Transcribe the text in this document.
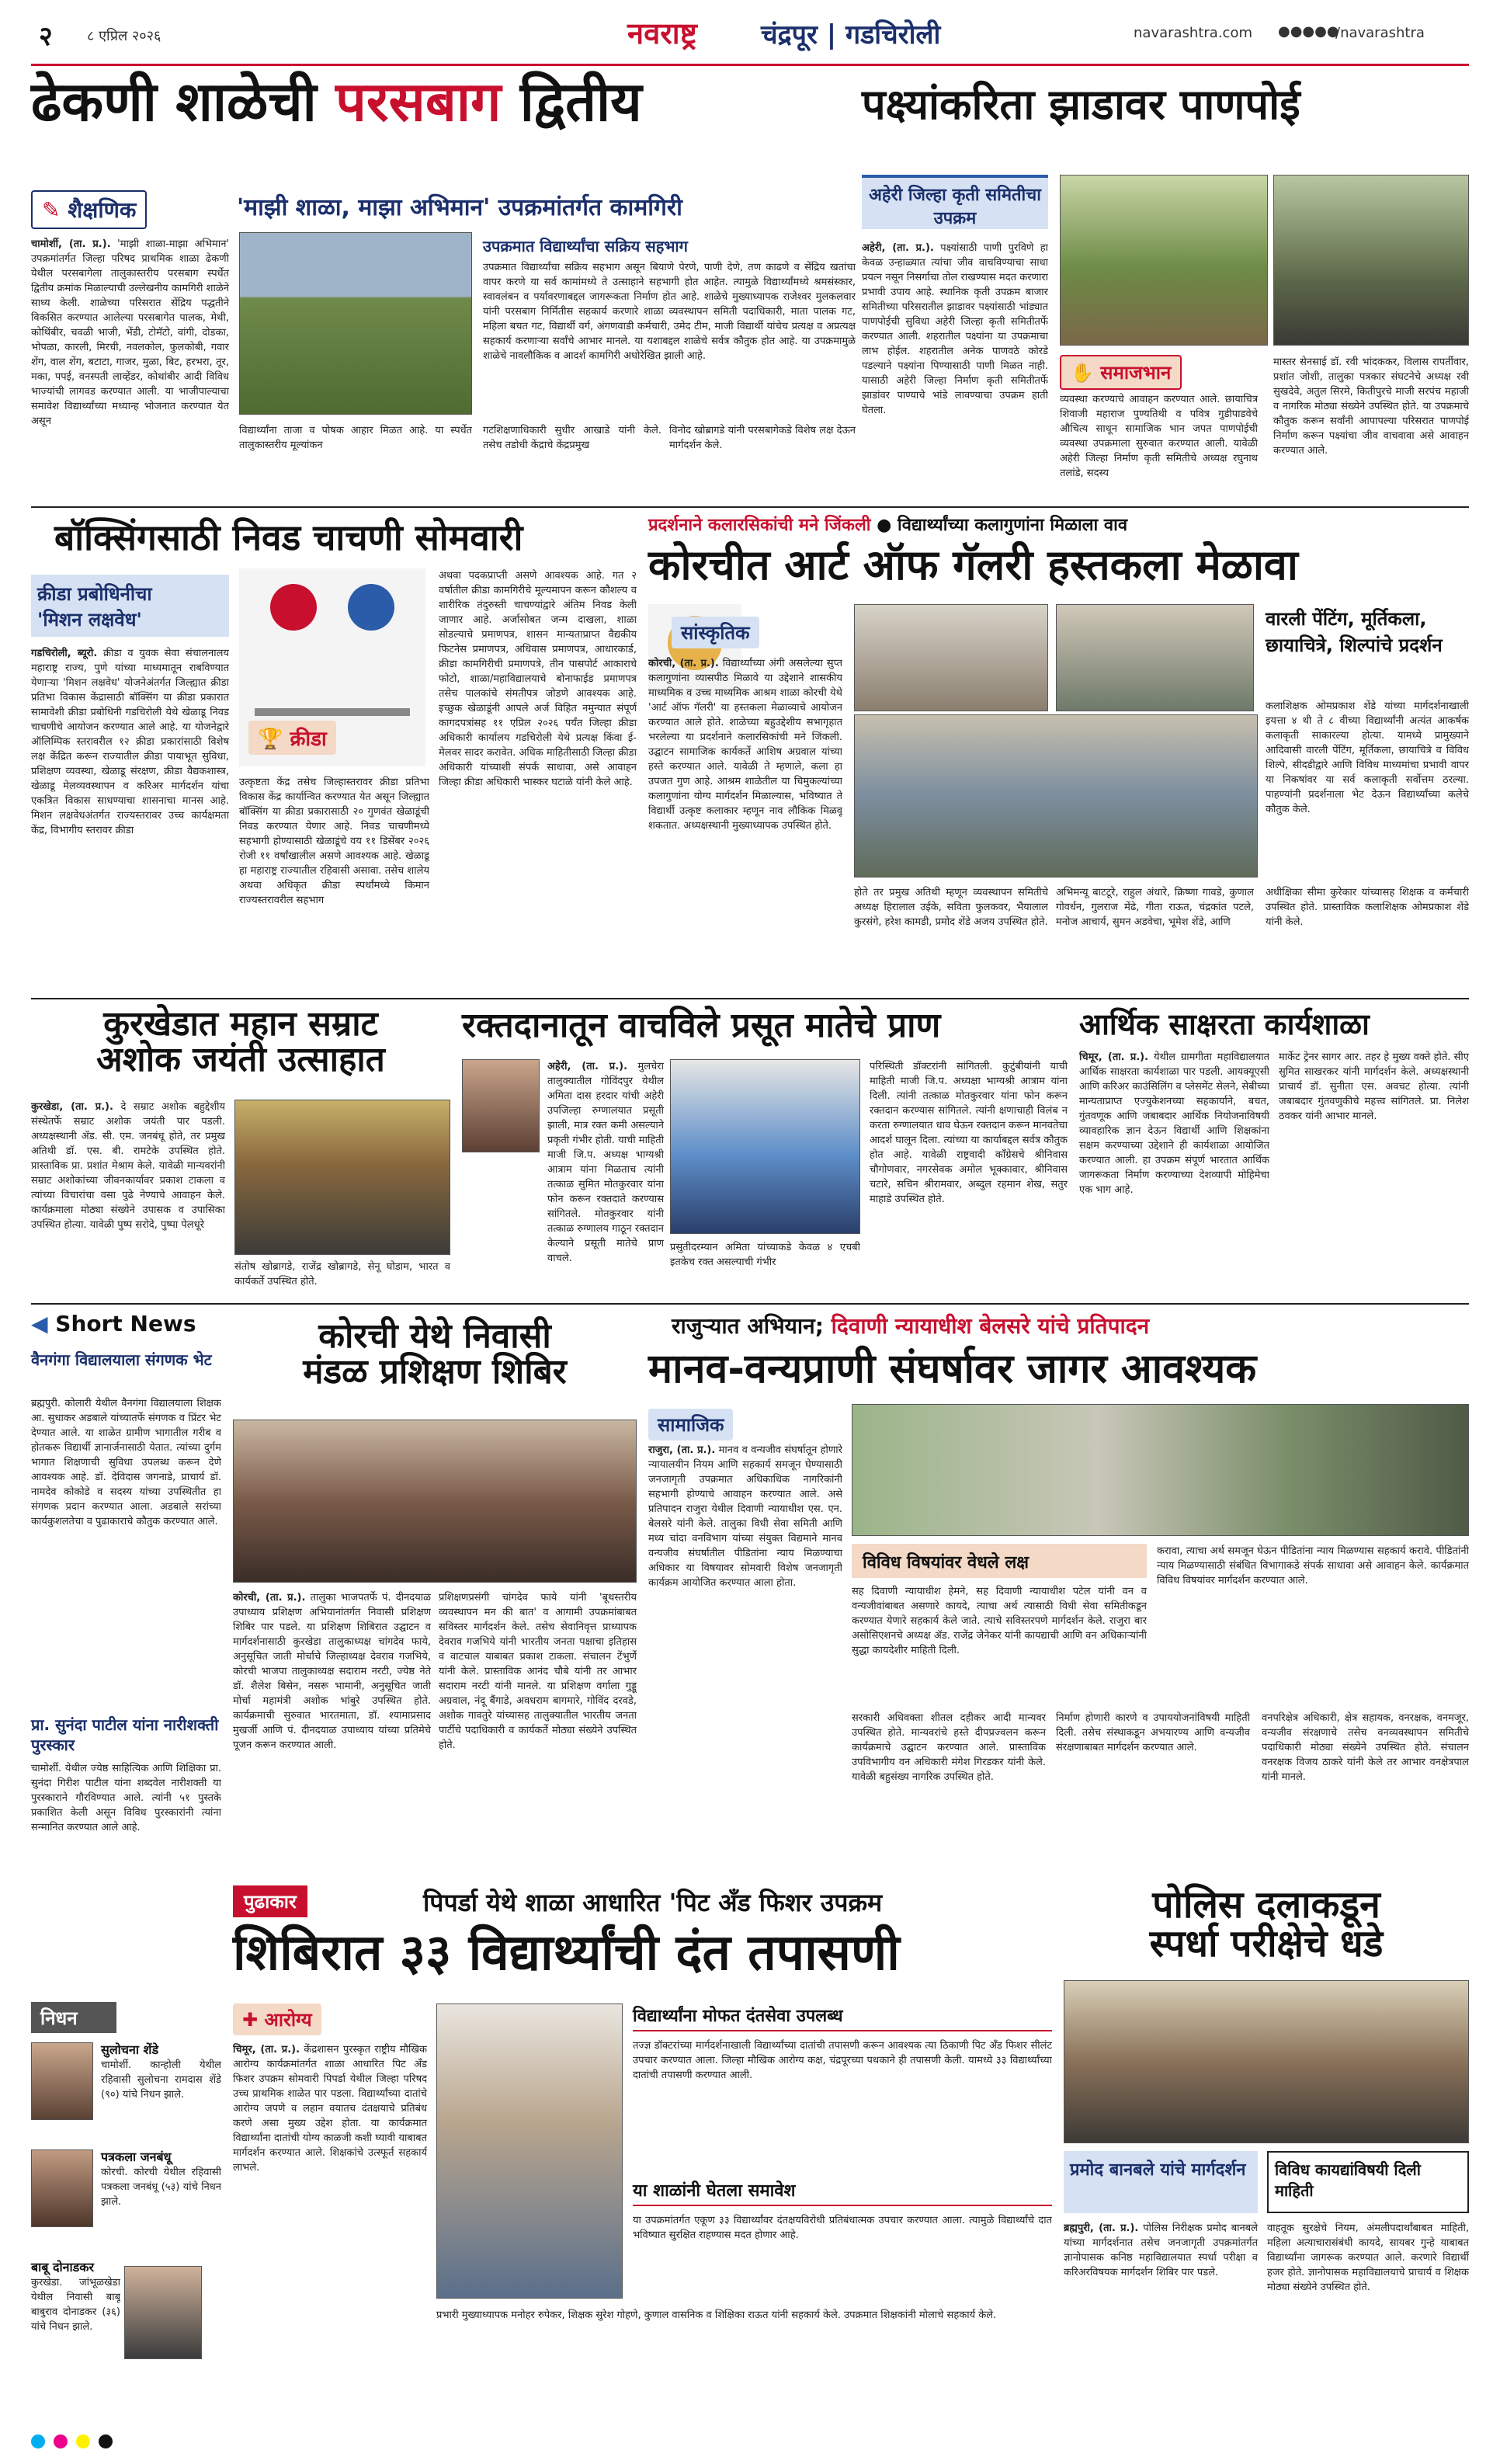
२ ८ एप्रिल २०२६	नवराष्ट्र चंद्रपूर | गडचिरोली	navarashtra.com ●●●●●
/navarashtra
ढेकणी शाळेची परसबाग द्वितीय
✎ शैक्षणिक	'माझी शाळा, माझा अभिमान' उपक्रमांतर्गत कामगिरी
चामोर्शी, (ता. प्र.). 'माझी शाळा-माझा अभिमान' उपक्रमांतर्गत जिल्हा परिषद प्राथमिक शाळा ढेकणी येथील परसबागेला तालुकास्तरीय परसबाग स्पर्धेत द्वितीय क्रमांक मिळाल्याची उल्लेखनीय कामगिरी शाळेने साध्य केली. शाळेच्या परिसरात सेंद्रिय पद्धतीने विकसित करण्यात आलेल्या परसबागेत पालक, मेथी, कोथिंबीर, चवळी भाजी, भेंडी, टोमॅटो, वांगी, दोडका, भोपळा, कारली, मिरची, नवलकोल, फुलकोबी, गवार शेंग, वाल शेंग, बटाटा, गाजर, मुळा, बिट, हरभरा, तूर, मका, पपई, वनस्पती लाव्हेंडर, कोथांबीर आदी विविध भाज्यांची लागवड करण्यात आली. या भाजीपाल्याचा समावेश विद्यार्थ्यांच्या मध्यान्ह भोजनात करण्यात येत असून
विद्यार्थ्यांना ताजा व पोषक आहार मिळत आहे. या स्पर्धेत तालुकास्तरीय मूल्यांकन
उपक्रमात विद्यार्थ्यांचा सक्रिय सहभाग
उपक्रमात विद्यार्थ्यांचा सक्रिय सहभाग असून बियाणे पेरणे, पाणी देणे, तण काढणे व सेंद्रिय खतांचा वापर करणे या सर्व कामांमध्ये ते उत्साहाने सहभागी होत आहेत. त्यामुळे विद्यार्थ्यांमध्ये श्रमसंस्कार, स्वावलंबन व पर्यावरणाबद्दल जागरूकता निर्माण होत आहे. शाळेचे मुख्याध्यापक राजेश्वर मुलकलवार यांनी परसबाग निर्मितीस सहकार्य करणारे शाळा व्यवस्थापन समिती पदाधिकारी, माता पालक गट, महिला बचत गट, विद्यार्थी वर्ग, अंगणवाडी कर्मचारी, उमेद टीम, माजी विद्यार्थी यांचेच प्रत्यक्ष व अप्रत्यक्ष सहकार्य करणाऱ्या सर्वांचे आभार मानले. या यशाबद्दल शाळेचे सर्वत्र कौतुक होत आहे. या उपक्रमामुळे शाळेचे नावलौकिक व आदर्श कामगिरी अधोरेखित झाली आहे.
गटशिक्षणाधिकारी सुधीर आखाडे यांनी केले. तसेच तडोधी केंद्राचे केंद्रप्रमुख
विनोद खोब्रागडे यांनी परसबागेकडे विशेष लक्ष देऊन मार्गदर्शन केले.
पक्ष्यांकरिता झाडावर पाणपोई
अहेरी जिल्हा कृती समितीचा उपक्रम
अहेरी, (ता. प्र.). पक्ष्यांसाठी पाणी पुरविणे हा केवळ उन्हाळ्यात त्यांचा जीव वाचविण्याचा साधा प्रयत्न नसून निसर्गाचा तोल राखण्यास मदत करणारा प्रभावी उपाय आहे. स्थानिक कृती उपक्रम बाजार समितीच्या परिसरातील झाडावर पक्ष्यांसाठी भांड्यात पाणपोईची सुविधा अहेरी जिल्हा कृती समितीतर्फे करण्यात आली. शहरातील पक्ष्यांना या उपक्रमाचा लाभ होईल. शहरातील अनेक पाणवठे कोरडे पडल्याने पक्ष्यांना पिण्यासाठी पाणी मिळत नाही. यासाठी अहेरी जिल्हा निर्माण कृती समितीतर्फे झाडांवर पाण्याचे भांडे लावण्याचा उपक्रम हाती घेतला.
✋ समाजभान
व्यवस्था करण्याचे आवाहन करण्यात आले. छायाचित्र शिवाजी महाराज पुण्यतिथी व पवित्र गुडीपाडवेचे औचित्य साधून सामाजिक भान जपत पाणपोईची व्यवस्था उपक्रमाला सुरुवात करण्यात आली. यावेळी अहेरी जिल्हा निर्माण कृती समितीचे अध्यक्ष रघुनाथ तलांडे, सदस्य
मास्तर सेनसाई डॉ. रवी भांदककर, विलास रापर्तीवार, प्रशांत जोशी, तालुका पत्रकार संघटनेचे अध्यक्ष रवी सुखदेवे, अतुल सिरमे, कितीपुरचे माजी सरपंच महाजी व नागरिक मोठ्या संख्येने उपस्थित होते. या उपक्रमाचे कौतुक करून सर्वांनी आपापल्या परिसरात पाणपोई निर्माण करून पक्ष्यांचा जीव वाचवावा असे आवाहन करण्यात आले.
बॉक्सिंगसाठी निवड चाचणी सोमवारी
क्रीडा प्रबोधिनीचा
'मिशन लक्षवेध'
गडचिरोली, ब्यूरो. क्रीडा व युवक सेवा संचालनालय महाराष्ट्र राज्य, पुणे यांच्या माध्यमातून राबविण्यात येणाऱ्या 'मिशन लक्षवेध' योजनेअंतर्गत जिल्ह्यात क्रीडा प्रतिभा विकास केंद्रासाठी बॉक्सिंग या क्रीडा प्रकारात सामावेशी क्रीडा प्रबोधिनी गडचिरोली येथे खेळाडू निवड चाचणीचे आयोजन करण्यात आले आहे. या योजनेद्वारे ऑलिम्पिक स्तरावरील १२ क्रीडा प्रकारांसाठी विशेष लक्ष केंद्रित करून राज्यातील क्रीडा पायाभूत सुविधा, प्रशिक्षण व्यवस्था, खेळाडू संरक्षण, क्रीडा वैद्यकशास्त्र, खेळाडू मेलव्यवस्थापन व करिअर मार्गदर्शन यांचा एकत्रित विकास साधण्याचा शासनाचा मानस आहे. मिशन लक्षवेधअंतर्गत राज्यस्तरावर उच्च कार्यक्षमता केंद्र, विभागीय स्तरावर क्रीडा
🏆 क्रीडा
उत्कृष्टता केंद्र तसेच जिल्हास्तरावर क्रीडा प्रतिभा विकास केंद्र कार्यान्वित करण्यात येत असून जिल्ह्यात बॉक्सिंग या क्रीडा प्रकारासाठी २० गुणवंत खेळाडूंची निवड करण्यात येणार आहे. निवड चाचणीमध्ये सहभागी होण्यासाठी खेळाडूंचे वय ११ डिसेंबर २०२६ रोजी ११ वर्षांखालील असणे आवश्यक आहे. खेळाडू हा महाराष्ट्र राज्यातील रहिवासी असावा. तसेच शालेय अथवा अधिकृत क्रीडा स्पर्धांमध्ये किमान राज्यस्तरावरील सहभाग
अथवा पदकप्राप्ती असणे आवश्यक आहे. गत २ वर्षातील क्रीडा कामगिरीचे मूल्यमापन करून कौशल्य व शारीरिक तंदुरुस्ती चाचण्यांद्वारे अंतिम निवड केली जाणार आहे. अर्जासोबत जन्म दाखला, शाळा सोडल्याचे प्रमाणपत्र, शासन मान्यताप्राप्त वैद्यकीय फिटनेस प्रमाणपत्र, अधिवास प्रमाणपत्र, आधारकार्ड, क्रीडा कामगिरीची प्रमाणपत्रे, तीन पासपोर्ट आकाराचे फोटो, शाळा/महाविद्यालयाचे बोनाफाईड प्रमाणपत्र तसेच पालकांचे संमतीपत्र जोडणे आवश्यक आहे. इच्छुक खेळाडूंनी आपले अर्ज विहित नमुन्यात संपूर्ण कागदपत्रांसह ११ एप्रिल २०२६ पर्यंत जिल्हा क्रीडा अधिकारी कार्यालय गडचिरोली येथे प्रत्यक्ष किंवा ई-मेलवर सादर करावेत. अधिक माहितीसाठी जिल्हा क्रीडा अधिकारी यांच्याशी संपर्क साधावा, असे आवाहन जिल्हा क्रीडा अधिकारी भास्कर घटाळे यांनी केले आहे.
प्रदर्शनाने कलारसिकांची मने जिंकली ● विद्यार्थ्यांच्या कलागुणांना मिळाला वाव
कोरचीत आर्ट ऑफ गॅलरी हस्तकला मेळावा
सांस्कृतिक
कोरची, (ता. प्र.). विद्यार्थ्यांच्या अंगी असलेल्या सुप्त कलागुणांना व्यासपीठ मिळावे या उद्देशाने शासकीय माध्यमिक व उच्च माध्यमिक आश्रम शाळा कोरची येथे 'आर्ट ऑफ गॅलरी' या हस्तकला मेळाव्याचे आयोजन करण्यात आले होते. शाळेच्या बहुउद्देशीय सभागृहात भरलेल्या या प्रदर्शनाने कलारसिकांची मने जिंकली. उद्घाटन सामाजिक कार्यकर्ते आशिष अग्रवाल यांच्या हस्ते करण्यात आले. यावेळी ते म्हणाले, कला हा उपजत गुण आहे. आश्रम शाळेतील या चिमुकल्यांच्या कलागुणांना योग्य मार्गदर्शन मिळाल्यास, भविष्यात ते विद्यार्थी उत्कृष्ट कलाकार म्हणून नाव लौकिक मिळवू शकतात. अध्यक्षस्थानी मुख्याध्यापक उपस्थित होते.
वारली पेंटिंग, मूर्तिकला, छायाचित्रे, शिल्पांचे प्रदर्शन
कलाशिक्षक ओमप्रकाश शेंडे यांच्या मार्गदर्शनाखाली इयत्ता ४ थी ते ८ वीच्या विद्यार्थ्यांनी अत्यंत आकर्षक कलाकृती साकारल्या होत्या. यामध्ये प्रामुख्याने आदिवासी वारली पेंटिंग, मूर्तिकला, छायाचित्रे व विविध शिल्पे, सीदडीद्वारे आणि विविध माध्यमांचा प्रभावी वापर या निकषांवर या सर्व कलाकृती सर्वोत्तम ठरल्या. पाहण्यांनी प्रदर्शनाला भेट देऊन विद्यार्थ्यांच्या कलेचे कौतुक केले.
होते तर प्रमुख अतिथी म्हणून व्यवस्थापन समितीचे अध्यक्ष हिरालाल उईके, सविता फुलकवर, भैयालाल कुरसंगे, हरेश कामडी, प्रमोद शेंडे अजय उपस्थित होते.
अभिमन्यू बाटटूरे, राहुल अंधारे, क्रिष्णा गावडे, कुणाल गोवर्धन, गुलराज मेंढे, गीता राऊत, चंद्रकांत पटले, मनोज आचार्य, सुमन अडवेचा, भूमेश शेंडे, आणि
अधीक्षिका सीमा कुरेकार यांच्यासह शिक्षक व कर्मचारी उपस्थित होते. प्रास्ताविक कलाशिक्षक ओमप्रकाश शेंडे यांनी केले.
कुरखेडात महान सम्राट
अशोक जयंती उत्साहात
कुरखेडा, (ता. प्र.). दे सम्राट अशोक बहुद्देशीय संस्थेतर्फे सम्राट अशोक जयंती पार पडली. अध्यक्षस्थानी ॲड. सी. एम. जनबंधू होते, तर प्रमुख अतिथी डॉ. एस. बी. रामटेके उपस्थित होते. प्रास्ताविक प्रा. प्रशांत मेश्राम केले. यावेळी मान्यवरांनी सम्राट अशोकांच्या जीवनकार्यावर प्रकाश टाकला व त्यांच्या विचारांचा वसा पुढे नेण्याचे आवाहन केले. कार्यक्रमाला मोठ्या संख्येने उपासक व उपासिका उपस्थित होत्या. यावेळी पुष्प सरोदे, पुष्पा पेलधूरे
संतोष खोब्रागडे, राजेंद्र खोब्रागडे, सेनू घोडाम, भारत व कार्यकर्ते उपस्थित होते.
रक्तदानातून वाचविले प्रसूत मातेचे प्राण
अहेरी, (ता. प्र.). मुलचेरा तालुक्यातील गोविंदपुर येथील अमिता दास हरदार यांची अहेरी उपजिल्हा रुग्णालयात प्रसूती झाली, मात्र रक्त कमी असल्याने प्रकृती गंभीर होती. याची माहिती माजी जि.प. अध्यक्ष भाग्यश्री आत्राम यांना मिळताच त्यांनी तत्काळ सुमित मोतकुरवार यांना फोन करून रक्तदाते करण्यास सांगितले. मोतकुरवार यांनी तत्काळ रुग्णालय गाठून रक्तदान केल्याने प्रसूती मातेचे प्राण वाचले.
प्रसुतीदरम्यान अमिता यांच्याकडे केवळ ४ एचबी इतकेच रक्त असल्याची गंभीर
परिस्थिती डॉक्टरांनी सांगितली. कुटुंबीयांनी याची माहिती माजी जि.प. अध्यक्षा भाग्यश्री आत्राम यांना दिली. त्यांनी तत्काळ मोतकुरवार यांना फोन करून रक्तदान करण्यास सांगितले. त्यांनी क्षणाचाही विलंब न करता रुग्णालयात धाव घेऊन रक्तदान करून मानवतेचा आदर्श घालून दिला. त्यांच्या या कार्याबद्दल सर्वत्र कौतुक होत आहे. यावेळी राष्ट्रवादी काँग्रेसचे श्रीनिवास चौगोणवार, नगरसेवक अमोल भूक्कावार, श्रीनिवास चटारे, सचिन श्रीरामवार, अब्दुल रहमान शेख, सतुर माहाडे उपस्थित होते.
आर्थिक साक्षरता कार्यशाळा
चिमूर, (ता. प्र.). येथील ग्रामगीता महाविद्यालयात आर्थिक साक्षरता कार्यशाळा पार पडली. आयक्यूएसी आणि करिअर काउंसिलिंग व प्लेसमेंट सेलने, सेबीच्या मान्यताप्राप्त एज्युकेशनच्या सहकार्याने, बचत, गुंतवणूक आणि जबाबदार आर्थिक नियोजनाविषयी व्यावहारिक ज्ञान देऊन विद्यार्थी आणि शिक्षकांना सक्षम करण्याच्या उद्देशाने ही कार्यशाळा आयोजित करण्यात आली. हा उपक्रम संपूर्ण भारतात आर्थिक जागरूकता निर्माण करण्याच्या देशव्यापी मोहिमेचा एक भाग आहे.
मार्केट ट्रेनर सागर आर. तहर हे मुख्य वक्ते होते. सीए सुमित साखरकर यांनी मार्गदर्शन केले. अध्यक्षस्थानी प्राचार्य डॉ. सुनीता एस. अवचट होत्या. त्यांनी जबाबदार गुंतवणुकीचे महत्त्व सांगितले. प्रा. निलेश ठवकर यांनी आभार मानले.
◀ Short News
वैनगंगा विद्यालयाला संगणक भेट
ब्रह्मपुरी. कोलारी येथील वैनगंगा विद्यालयाला शिक्षक आ. सुधाकर अडबाले यांच्यातर्फे संगणक व प्रिंटर भेट देण्यात आले. या शाळेत ग्रामीण भागातील गरीब व होतकरू विद्यार्थी ज्ञानार्जनासाठी येतात. त्यांच्या दुर्गम भागात शिक्षणाची सुविधा उपलब्ध करून देणे आवश्यक आहे. डॉ. देविदास जगनाडे, प्राचार्य डॉ. नामदेव कोकोडे व सदस्य यांच्या उपस्थितीत हा संगणक प्रदान करण्यात आला. अडबाले सरांच्या कार्यकुशलतेचा व पुढाकाराचे कौतुक करण्यात आले.
प्रा. सुनंदा पाटील यांना नारीशक्ती पुरस्कार
चामोर्शी. येथील ज्येष्ठ साहित्यिक आणि शिक्षिका प्रा. सुनंदा गिरीश पाटील यांना शब्दवेल नारीशक्ती या पुरस्काराने गौरविण्यात आले. त्यांनी ५१ पुस्तके प्रकाशित केली असून विविध पुरस्कारांनी त्यांना सन्मानित करण्यात आले आहे.
कोरची येथे निवासी
मंडळ प्रशिक्षण शिबिर
कोरची, (ता. प्र.). तालुका भाजपतर्फे पं. दीनदयाळ उपाध्याय प्रशिक्षण अभियानांतर्गत निवासी प्रशिक्षण शिबिर पार पडले. या प्रशिक्षण शिबिरात उद्घाटन व मार्गदर्शनासाठी कुरखेडा तालुकाध्यक्ष चांगदेव फाये, अनुसूचित जाती मोर्चाचे जिल्हाध्यक्ष देवराव गजभिये, कोरची भाजपा तालुकाध्यक्ष सदाराम नरटी, ज्येष्ठ नेते डॉ. शैलेश बिसेन, नसरू भामानी, अनुसूचित जाती मोर्चा महामंत्री अशोक भांबुरे उपस्थित होते. कार्यक्रमाची सुरुवात भारतमाता, डॉ. श्यामाप्रसाद मुखर्जी आणि पं. दीनदयाळ उपाध्याय यांच्या प्रतिमेचे पूजन करून करण्यात आली.
प्रशिक्षणप्रसंगी चांगदेव फाये यांनी 'बूथस्तरीय व्यवस्थापन मन की बात' व आगामी उपक्रमांबाबत सविस्तर मार्गदर्शन केले. तसेच सेवानिवृत्त प्राध्यापक देवराव गजभिये यांनी भारतीय जनता पक्षाचा इतिहास व वाटचाल याबाबत प्रकाश टाकला. संचालन टेंभुर्णे यांनी केले. प्रास्ताविक आनंद चौबे यांनी तर आभार सदाराम नरटी यांनी मानले. या प्रशिक्षण वर्गाला गुड्डू अग्रवाल, नंदू बैंगाडे, अवधराम बागमारे, गोविंद दरवडे, अशोक गावतुरे यांच्यासह तालुक्यातील भारतीय जनता पार्टीचे पदाधिकारी व कार्यकर्ते मोठ्या संख्येने उपस्थित होते.
राजुऱ्यात अभियान; दिवाणी न्यायाधीश बेलसरे यांचे प्रतिपादन
मानव-वन्यप्राणी संघर्षावर जागर आवश्यक
सामाजिक
राजुरा, (ता. प्र.). मानव व वन्यजीव संघर्षातून होणारे न्यायालयीन नियम आणि सहकार्य समजून घेण्यासाठी जनजागृती उपक्रमात अधिकाधिक नागरिकांनी सहभागी होण्याचे आवाहन करण्यात आले. असे प्रतिपादन राजुरा येथील दिवाणी न्यायाधीश एस. एन. बेलसरे यांनी केले. तालुका विधी सेवा समिती आणि मध्य चांदा वनविभाग यांच्या संयुक्त विद्यमाने मानव वन्यजीव संघर्षातील पीडितांना न्याय मिळण्याचा अधिकार या विषयावर सोमवारी विशेष जनजागृती कार्यक्रम आयोजित करण्यात आला होता.
विविध विषयांवर वेधले लक्ष
सह दिवाणी न्यायाधीश हेमने, सह दिवाणी न्यायाधीश पटेल यांनी वन व वन्यजीवांबाबत असणारे कायदे, त्याचा अर्थ त्यासाठी विधी सेवा समितीकडून करण्यात येणारे सहकार्य केले जाते. त्याचे सविस्तरपणे मार्गदर्शन केले. राजुरा बार असोसिएशनचे अध्यक्ष ॲड. राजेंद्र जेनेकर यांनी कायद्याची आणि वन अधिकाऱ्यांनी सुद्धा कायदेशीर माहिती दिली.
करावा, त्याचा अर्थ समजून घेऊन पीडितांना न्याय मिळण्यास सहकार्य करावे. पीडितांनी न्याय मिळण्यासाठी संबंधित विभागाकडे संपर्क साधावा असे आवाहन केले. कार्यक्रमात विविध विषयांवर मार्गदर्शन करण्यात आले.
सरकारी अधिवक्ता शीतल दहीकर आदी मान्यवर उपस्थित होते. मान्यवरांचे हस्ते दीपप्रज्वलन करून कार्यक्रमाचे उद्घाटन करण्यात आले. प्रास्ताविक उपविभागीय वन अधिकारी मंगेश गिरडकर यांनी केले. यावेळी बहुसंख्य नागरिक उपस्थित होते.
निर्माण होणारी कारणे व उपाययोजनांविषयी माहिती दिली. तसेच संस्थाकडून अभयारण्य आणि वन्यजीव संरक्षणाबाबत मार्गदर्शन करण्यात आले.
वनपरिक्षेत्र अधिकारी, क्षेत्र सहायक, वनरक्षक, वनमजूर, वन्यजीव संरक्षणाचे तसेच वनव्यवस्थापन समितीचे पदाधिकारी मोठ्या संख्येने उपस्थित होते. संचालन वनरक्षक विजय ठाकरे यांनी केले तर आभार वनक्षेत्रपाल यांनी मानले.
निधन
सुलोचना शेंडे
चामोर्शी. कान्होली येथील रहिवासी सुलोचना रामदास शेंडे (९०) यांचे निधन झाले.
पत्रकला जनबंधू
कोरची. कोरची येथील रहिवासी पत्रकला जनबंधू (५३) यांचे निधन झाले.
बाबू दोनाडकर
कुरखेडा. जांभूळखेडा येथील निवासी बाबू बाबुराव दोनाडकर (३६) यांचे निधन झाले.
पुढाकार	पिपर्डा येथे शाळा आधारित 'पिट अँड फिशर उपक्रम
शिबिरात ३३ विद्यार्थ्यांची दंत तपासणी
✚ आरोग्य
चिमूर, (ता. प्र.). केंद्रशासन पुरस्कृत राष्ट्रीय मौखिक आरोग्य कार्यक्रमांतर्गत शाळा आधारित पिट अँड फिशर उपक्रम सोमवारी पिपर्डा येथील जिल्हा परिषद उच्च प्राथमिक शाळेत पार पडला. विद्यार्थ्यांच्या दातांचे आरोग्य जपणे व लहान वयातच दंतक्षयाचे प्रतिबंध करणे असा मुख्य उद्देश होता. या कार्यक्रमात विद्यार्थ्यांना दातांची योग्य काळजी कशी घ्यावी याबाबत मार्गदर्शन करण्यात आले. शिक्षकांचे उत्स्फूर्त सहकार्य लाभले.
विद्यार्थ्यांना मोफत दंतसेवा उपलब्ध
तज्ज्ञ डॉक्टरांच्या मार्गदर्शनाखाली विद्यार्थ्यांच्या दातांची तपासणी करून आवश्यक त्या ठिकाणी पिट अँड फिशर सीलंट उपचार करण्यात आला. जिल्हा मौखिक आरोग्य कक्ष, चंद्रपूरच्या पथकाने ही तपासणी केली. यामध्ये ३३ विद्यार्थ्यांच्या दातांची तपासणी करण्यात आली.
या शाळांनी घेतला समावेश
या उपक्रमांतर्गत एकूण ३३ विद्यार्थ्यांवर दंतक्षयविरोधी प्रतिबंधात्मक उपचार करण्यात आला. त्यामुळे विद्यार्थ्यांचे दात भविष्यात सुरक्षित राहण्यास मदत होणार आहे.
प्रभारी मुख्याध्यापक मनोहर रुपेकर, शिक्षक सुरेश गोहणे, कुणाल वासनिक व शिक्षिका राऊत यांनी सहकार्य केले. उपक्रमात शिक्षकांनी मोलाचे सहकार्य केले.
पोलिस दलाकडून
स्पर्धा परीक्षेचे धडे
प्रमोद बानबले यांचे मार्गदर्शन
ब्रह्मपुरी, (ता. प्र.). पोलिस निरीक्षक प्रमोद बानबले यांच्या मार्गदर्शनात तसेच जनजागृती उपक्रमांतर्गत ज्ञानोपासक कनिष्ठ महाविद्यालयात स्पर्धा परीक्षा व करिअरविषयक मार्गदर्शन शिबिर पार पडले.
विविध कायद्यांविषयी दिली माहिती
वाहतूक सुरक्षेचे नियम, अंमलीपदार्थांबाबत माहिती, महिला अत्याचारासंबंधी कायदे, सायबर गुन्हे याबाबत विद्यार्थ्यांना जागरूक करण्यात आले. करणारे विद्यार्थी हजर होते. ज्ञानोपासक महाविद्यालयाचे प्राचार्य व शिक्षक मोठ्या संख्येने उपस्थित होते.
